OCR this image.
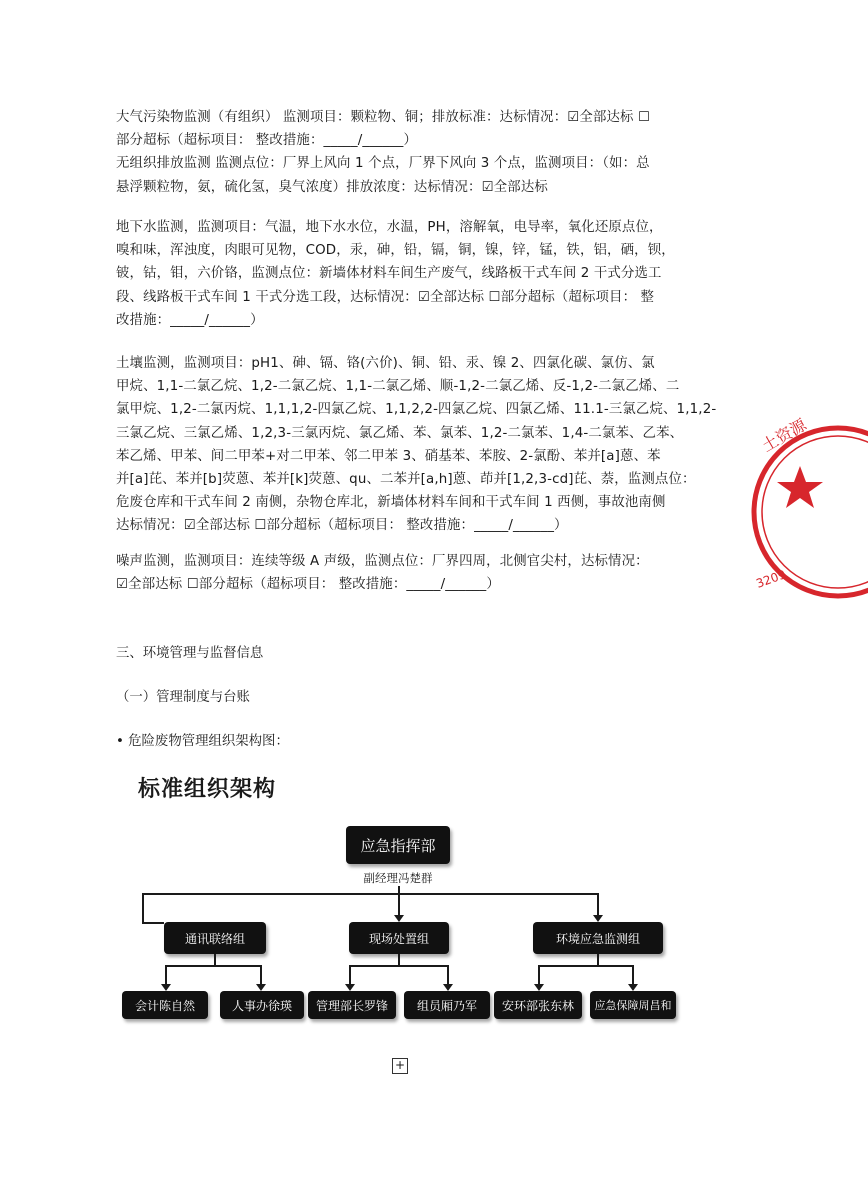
大气污染物监测（有组织） 监测项目：颗粒物、铜；排放标准：达标情况：☑全部达标 ☐
部分超标（超标项目： 整改措施：_____/______）
无组织排放监测 监测点位：厂界上风向 1 个点，厂界下风向 3 个点，监测项目：（如：总
悬浮颗粒物，氨，硫化氢，臭气浓度）排放浓度：达标情况：☑全部达标
地下水监测，监测项目：气温，地下水水位，水温，PH，溶解氧，电导率，氧化还原点位，
嗅和味，浑浊度，肉眼可见物，COD，汞，砷，铅，镉，铜，镍，锌，锰，铁，铝，硒，钡，
铍，钴，钼，六价铬，监测点位：新墙体材料车间生产废气，线路板干式车间 2 干式分选工
段、线路板干式车间 1 干式分选工段，达标情况：☑全部达标 ☐部分超标（超标项目： 整
改措施：_____/______）
土壤监测，监测项目：pH1、砷、镉、铬(六价)、铜、铅、汞、镍 2、四氯化碳、氯仿、氯
甲烷、1,1-二氯乙烷、1,2-二氯乙烷、1,1-二氯乙烯、顺-1,2-二氯乙烯、反-1,2-二氯乙烯、二
氯甲烷、1,2-二氯丙烷、1,1,1,2-四氯乙烷、1,1,2,2-四氯乙烷、四氯乙烯、11.1-三氯乙烷、1,1,2-
三氯乙烷、三氯乙烯、1,2,3-三氯丙烷、氯乙烯、苯、氯苯、1,2-二氯苯、1,4-二氯苯、乙苯、
苯乙烯、甲苯、间二甲苯+对二甲苯、邻二甲苯 3、硝基苯、苯胺、2-氯酚、苯并[a]蒽、苯
并[a]芘、苯并[b]荧蒽、苯并[k]荧蒽、qu、二苯并[a,h]蒽、茚并[1,2,3-cd]芘、萘，监测点位：
危废仓库和干式车间 2 南侧，杂物仓库北，新墙体材料车间和干式车间 1 西侧，事故池南侧
达标情况：☑全部达标 ☐部分超标（超标项目： 整改措施：_____/______）
噪声监测，监测项目：连续等级 A 声级，监测点位：厂界四周，北侧官尖村，达标情况：
☑全部达标 ☐部分超标（超标项目： 整改措施：_____/______）
三、环境管理与监督信息
（一）管理制度与台账
• 危险废物管理组织架构图：
标准组织架构
应急指挥部
副经理冯楚群
通讯联络组	现场处置组	环境应急监测组
会计陈自然	人事办徐瑛	管理部长罗锋	组员厢乃军	安环部张东林	应急保障周昌和
+
土资源
3209
